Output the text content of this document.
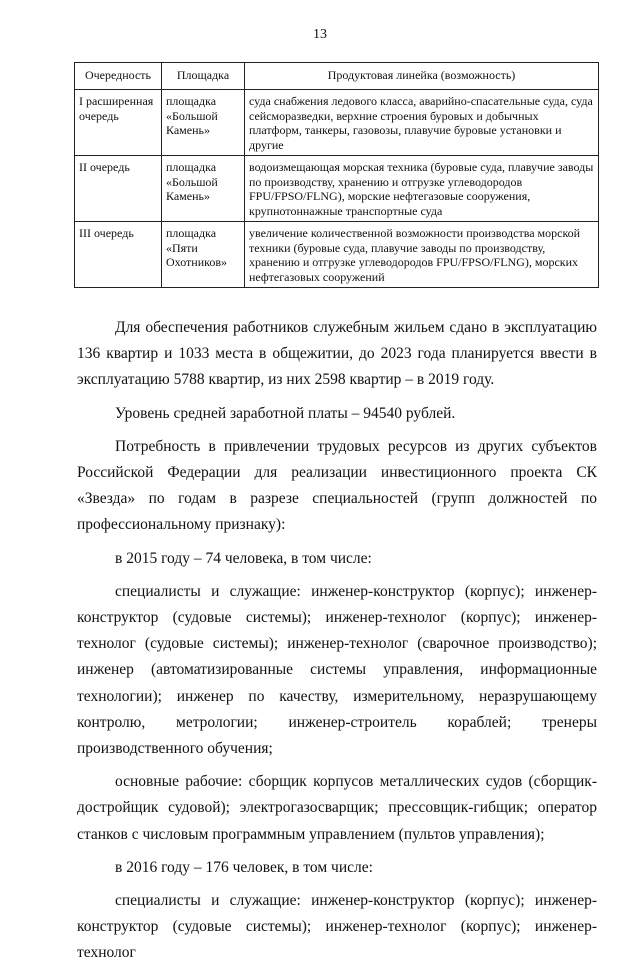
13
Очередность	Площадка	Продуктовая линейка (возможность)
I расширенная очередь	площадка «Большой Камень»	суда снабжения ледового класса, аварийно-спасательные суда, суда сейсморазведки, верхние строения буровых и добычных платформ, танкеры, газовозы, плавучие буровые установки и другие
II очередь	площадка «Большой Камень»	водоизмещающая морская техника (буровые суда, плавучие заводы по производству, хранению и отгрузке углеводородов FPU/FPSO/FLNG), морские нефтегазовые сооружения, крупнотоннажные транспортные суда
III очередь	площадка «Пяти Охотников»	увеличение количественной возможности производства морской техники (буровые суда, плавучие заводы по производству, хранению и отгрузке углеводородов FPU/FPSO/FLNG), морских нефтегазовых сооружений

Для обеспечения работников служебным жильем сдано в эксплуатацию 136 квартир и 1033 места в общежитии, до 2023 года планируется ввести в эксплуатацию 5788 квартир, из них 2598 квартир – в 2019 году.

Уровень средней заработной платы – 94540 рублей.

Потребность в привлечении трудовых ресурсов из других субъектов Российской Федерации для реализации инвестиционного проекта СК «Звезда» по годам в разрезе специальностей (групп должностей по профессиональному признаку):

в 2015 году – 74 человека, в том числе:

специалисты и служащие: инженер-конструктор (корпус); инженер-конструктор (судовые системы); инженер-технолог (корпус); инженер-технолог (судовые системы); инженер-технолог (сварочное производство); инженер (автоматизированные системы управления, информационные технологии); инженер по качеству, измерительному, неразрушающему контролю, метрологии; инженер-строитель кораблей; тренеры производственного обучения;

основные рабочие: сборщик корпусов металлических судов (сборщик-достройщик судовой); электрогазосварщик; прессовщик-гибщик; оператор станков с числовым программным управлением (пультов управления);

в 2016 году – 176 человек, в том числе:

специалисты и служащие: инженер-конструктор (корпус); инженер-конструктор (судовые системы); инженер-технолог (корпус); инженер-технолог
